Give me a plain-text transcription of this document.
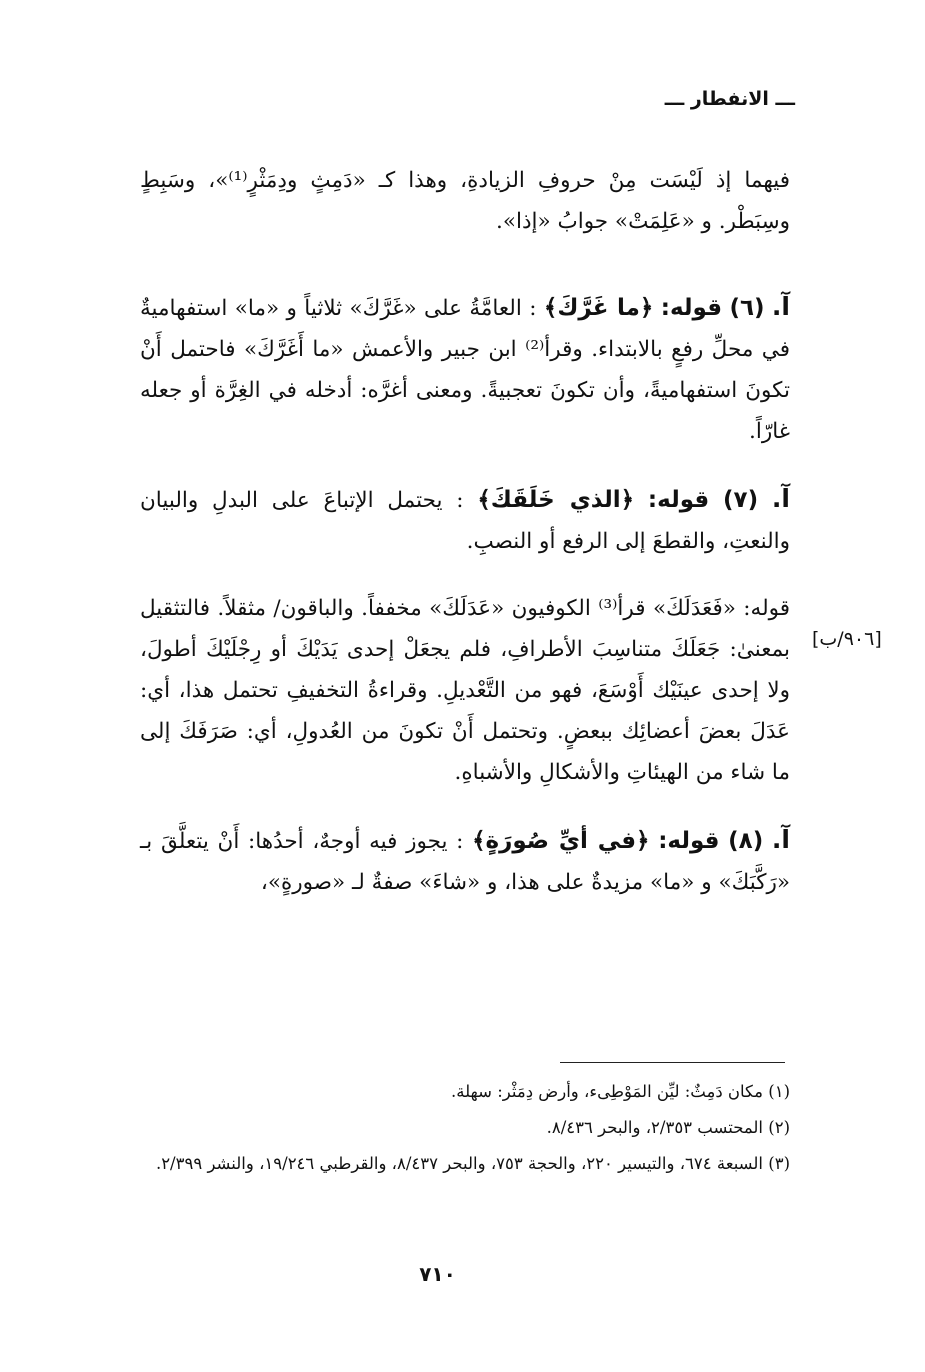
ـــ الانفطار ـــ

فيهما إذ لَيْسَت مِنْ حروفِ الزيادةِ، وهذا كـ «دَمِثٍ ودِمَثْرٍ⁽¹⁾»، وسَبِطٍ وسِبَطْر. و «عَلِمَتْ» جوابُ «إذا».

آ. (٦) قوله: ﴿ما غَرَّكَ﴾ : العامَّةُ على «غَرَّكَ» ثلاثياً و «ما» استفهاميةٌ في محلِّ رفعٍ بالابتداء. وقرأ⁽²⁾ ابن جبير والأعمش «ما أَغَرَّكَ» فاحتمل أَنْ تكونَ استفهاميةً، وأن تكونَ تعجبيةً. ومعنى أغرَّه: أدخله في الغِرَّة أو جعله غارّاً.

آ. (٧) قوله: ﴿الذي خَلَقَكَ﴾ : يحتمل الإتباعَ على البدلِ والبيان والنعتِ، والقطعَ إلى الرفع أو النصبِ.

قوله: «فَعَدَلَكَ» قرأ⁽³⁾ الكوفيون «عَدَلَكَ» مخففاً. والباقون/ مثقلاً. فالتثقيل بمعنىٰ: جَعَلَكَ متناسِبَ الأطرافِ، فلم يجعَلْ إحدى يَدَيْكَ أو رِجْلَيْكَ أطولَ، ولا إحدى عينَيْك أَوْسَعَ، فهو من التَّعْديلِ. وقراءةُ التخفيفِ تحتمل هذا، أي: عَدَلَ بعضَ أعضائِك ببعضٍ. وتحتمل أَنْ تكونَ من العُدولِ، أي: صَرَفَكَ إلى ما شاء من الهيئاتِ والأشكالِ والأشباهِ.

آ. (٨) قوله: ﴿في أيِّ صُورَةٍ﴾ : يجوز فيه أوجهٌ، أحدُها: أَنْ يتعلَّقَ بـ «رَكَّبَكَ» و «ما» مزيدةٌ على هذا، و «شاءَ» صفةٌ لـ «صورةٍ»،

[٩٠٦/ب]

(١) مكان دَمِثٌ: ليِّن المَوْطِىء، وأرض دِمَثْر: سهلة.

(٢) المحتسب ٢/٣٥٣، والبحر ٨/٤٣٦.

(٣) السبعة ٦٧٤، والتيسير ٢٢٠، والحجة ٧٥٣، والبحر ٨/٤٣٧، والقرطبي ١٩/٢٤٦، والنشر ٢/٣٩٩.

٧١٠
